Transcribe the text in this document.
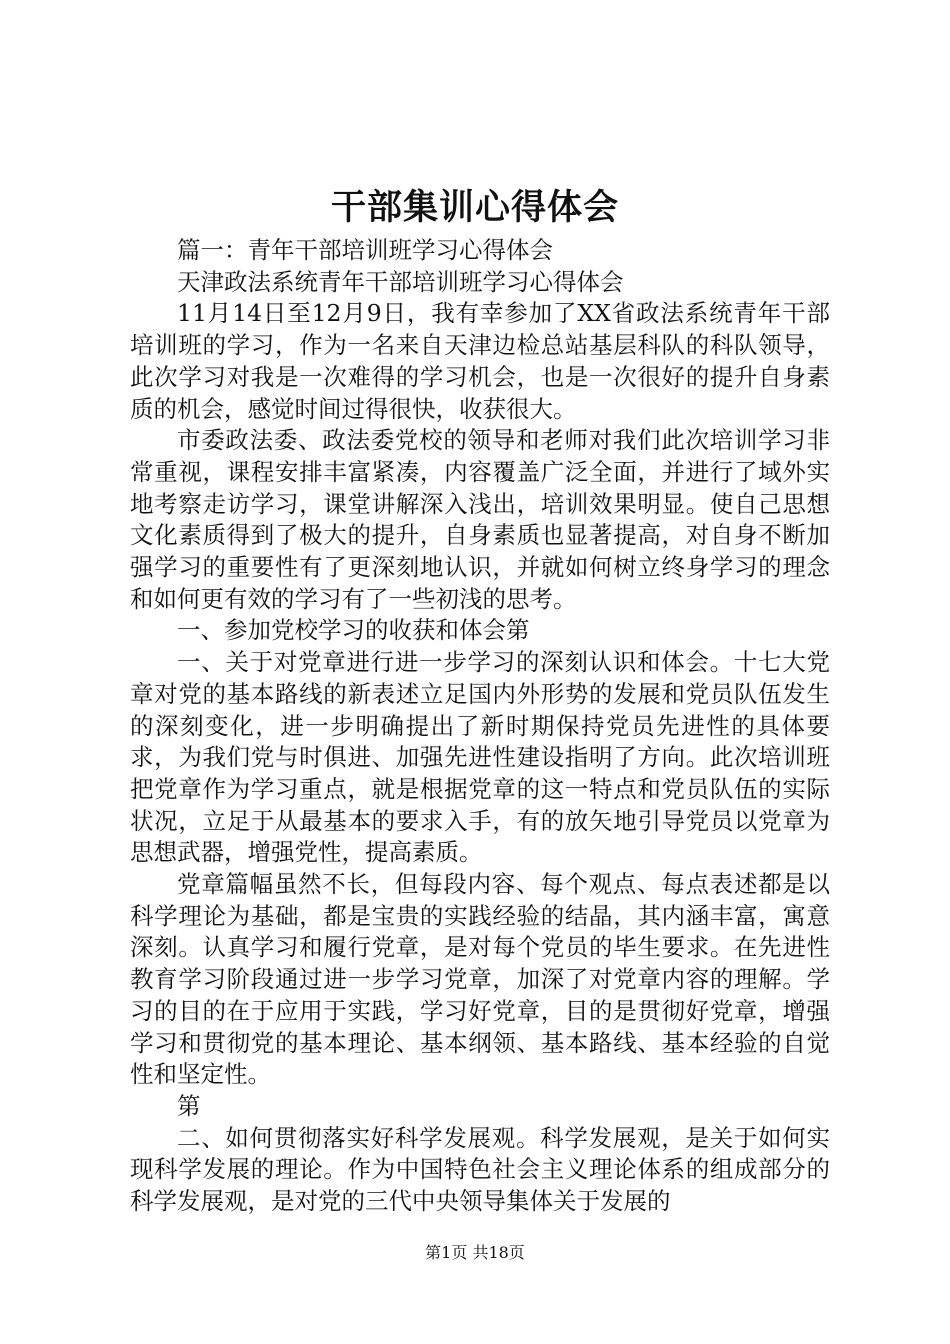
干部集训心得体会

篇一：青年干部培训班学习心得体会

天津政法系统青年干部培训班学习心得体会

11月14日至12月9日，我有幸参加了XX省政法系统青年干部培训班的学习，作为一名来自天津边检总站基层科队的科队领导，此次学习对我是一次难得的学习机会，也是一次很好的提升自身素质的机会，感觉时间过得很快，收获很大。

市委政法委、政法委党校的领导和老师对我们此次培训学习非常重视，课程安排丰富紧凑，内容覆盖广泛全面，并进行了域外实地考察走访学习，课堂讲解深入浅出，培训效果明显。使自己思想文化素质得到了极大的提升，自身素质也显著提高，对自身不断加强学习的重要性有了更深刻地认识，并就如何树立终身学习的理念和如何更有效的学习有了一些初浅的思考。

一、参加党校学习的收获和体会第

一、关于对党章进行进一步学习的深刻认识和体会。十七大党章对党的基本路线的新表述立足国内外形势的发展和党员队伍发生的深刻变化，进一步明确提出了新时期保持党员先进性的具体要求，为我们党与时俱进、加强先进性建设指明了方向。此次培训班把党章作为学习重点，就是根据党章的这一特点和党员队伍的实际状况，立足于从最基本的要求入手，有的放矢地引导党员以党章为思想武器，增强党性，提高素质。

党章篇幅虽然不长，但每段内容、每个观点、每点表述都是以科学理论为基础，都是宝贵的实践经验的结晶，其内涵丰富，寓意深刻。认真学习和履行党章，是对每个党员的毕生要求。在先进性教育学习阶段通过进一步学习党章，加深了对党章内容的理解。学习的目的在于应用于实践，学习好党章，目的是贯彻好党章，增强学习和贯彻党的基本理论、基本纲领、基本路线、基本经验的自觉性和坚定性。

第

二、如何贯彻落实好科学发展观。科学发展观，是关于如何实现科学发展的理论。作为中国特色社会主义理论体系的组成部分的科学发展观，是对党的三代中央领导集体关于发展的

第1页 共18页
